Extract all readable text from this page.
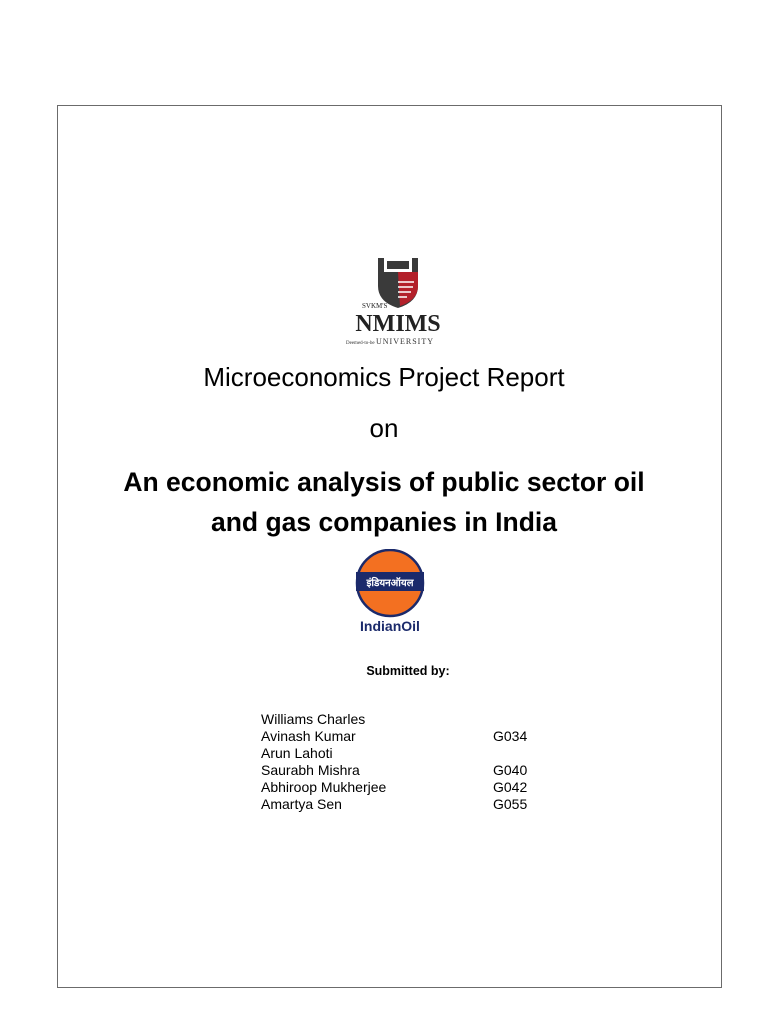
SVKM'S
NMIMS
Deemed-to-be UNIVERSITY
Microeconomics Project Report
on
An economic analysis of public sector oil
and gas companies in India
इंडियनऑयल
IndianOil
Submitted by:
Williams Charles
Avinash Kumar	G034
Arun Lahoti
Saurabh Mishra	G040
Abhiroop Mukherjee	G042
Amartya Sen	G055
